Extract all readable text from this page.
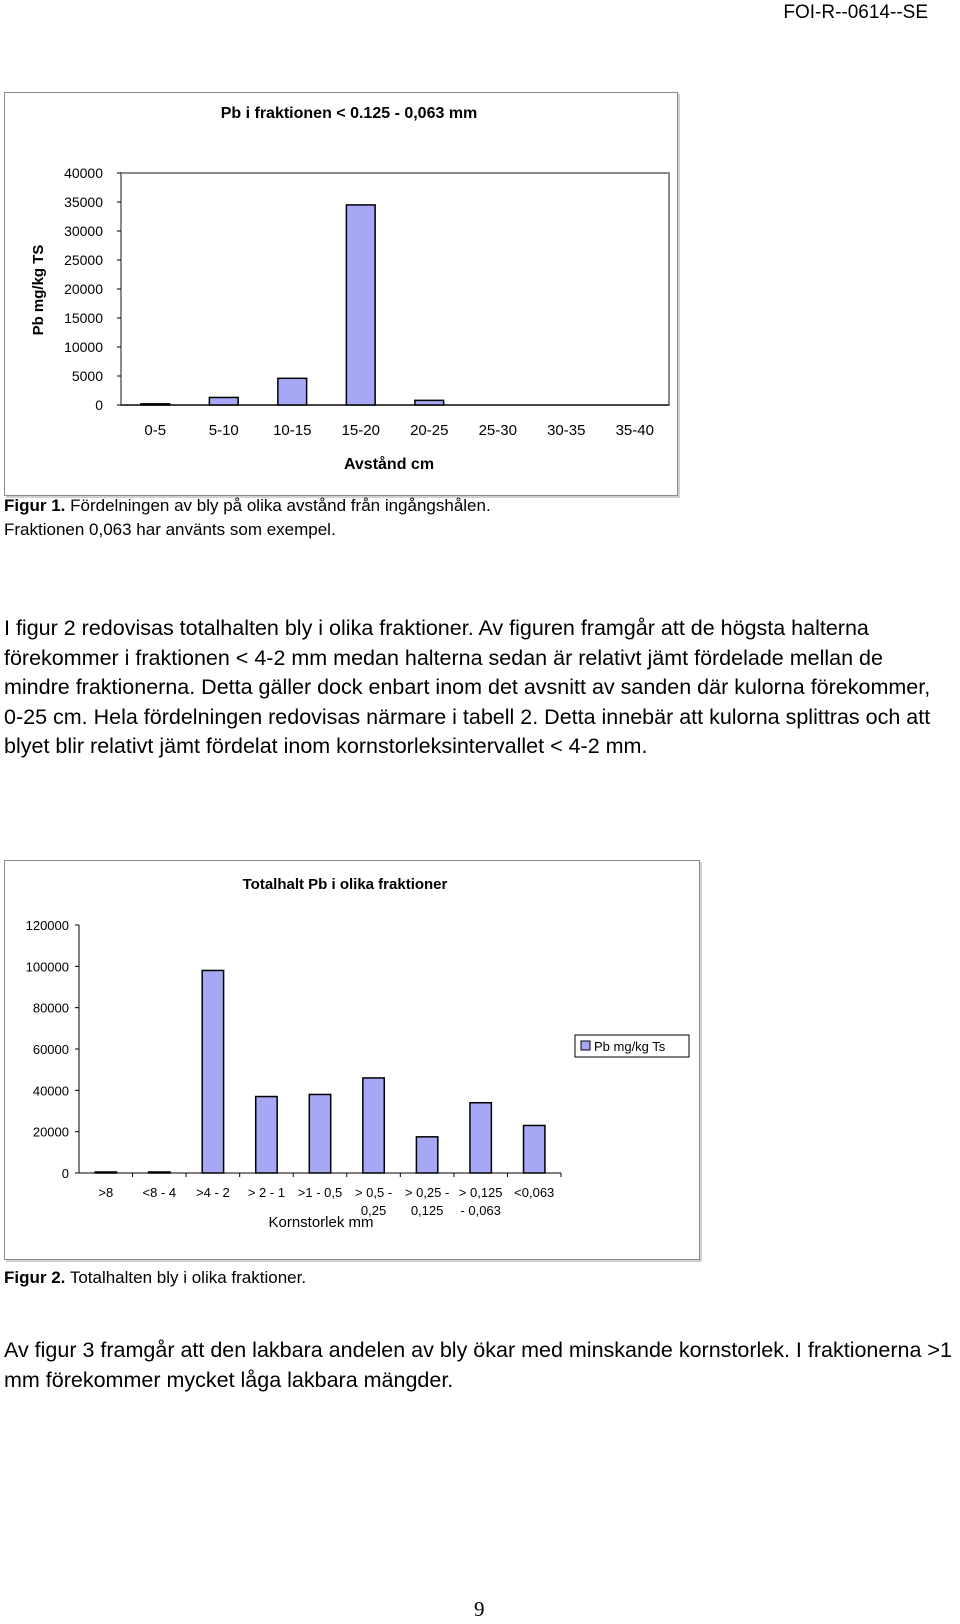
FOI-R--0614--SE
Pb i fraktionen < 0.125 - 0,063 mm
40000
35000
30000
25000
20000
15000
10000
5000
0
Pb mg/kg TS
0-5	5-10 10-15 15-20 20-25 25-30 30-35 35-40
Avstånd cm
Figur 1. Fördelningen av bly på olika avstånd från ingångshålen.
Fraktionen 0,063 har använts som exempel.
I figur 2 redovisas totalhalten bly i olika fraktioner. Av figuren framgår att de högsta halterna förekommer i fraktionen < 4-2 mm medan halterna sedan är relativt jämt fördelade mellan de mindre fraktionerna. Detta gäller dock enbart inom det avsnitt av sanden där kulorna förekommer, 0-25 cm. Hela fördelningen redovisas närmare i tabell 2. Detta innebär att kulorna splittras och att blyet blir relativt jämt fördelat inom kornstorleksintervallet < 4-2 mm.
Totalhalt Pb i olika fraktioner
120000
100000
80000
60000
40000
20000
0
>8 <8 - 4 >4 - 2 > 2 - 1 >1 - 0,5 > 0,5 -
0,25
> 0,25 -
0,125
> 0,125
- 0,063
<0,063
Kornstorlek mm
Pb mg/kg Ts
Figur 2. Totalhalten bly i olika fraktioner.
Av figur 3 framgår att den lakbara andelen av bly ökar med minskande kornstorlek. I fraktionerna >1 mm förekommer mycket låga lakbara mängder.
9
